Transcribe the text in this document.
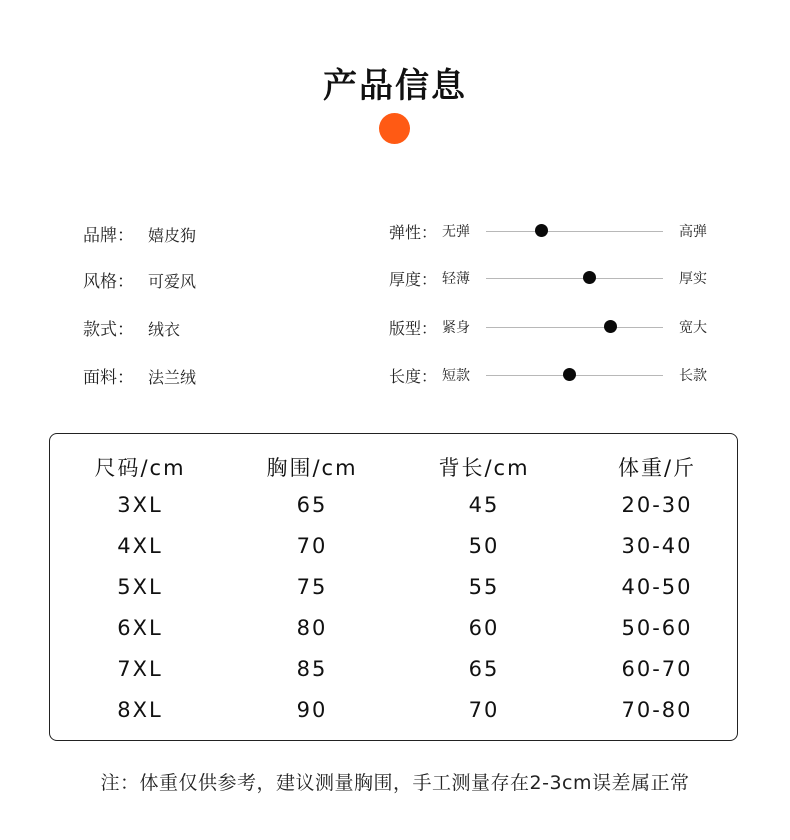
产品信息
品牌： 嬉皮狗
风格： 可爱风
款式： 绒衣
面料： 法兰绒
弹性： 无弹	高弹
厚度： 轻薄	厚实
版型： 紧身	宽大
长度： 短款	长款
尺码/cm	胸围/cm	背长/cm	体重/斤
3XL	65	45	20-30
4XL	70	50	30-40
5XL	75	55	40-50
6XL	80	60	50-60
7XL	85	65	60-70
8XL	90	70	70-80
注：体重仅供参考，建议测量胸围，手工测量存在2-3cm误差属正常
